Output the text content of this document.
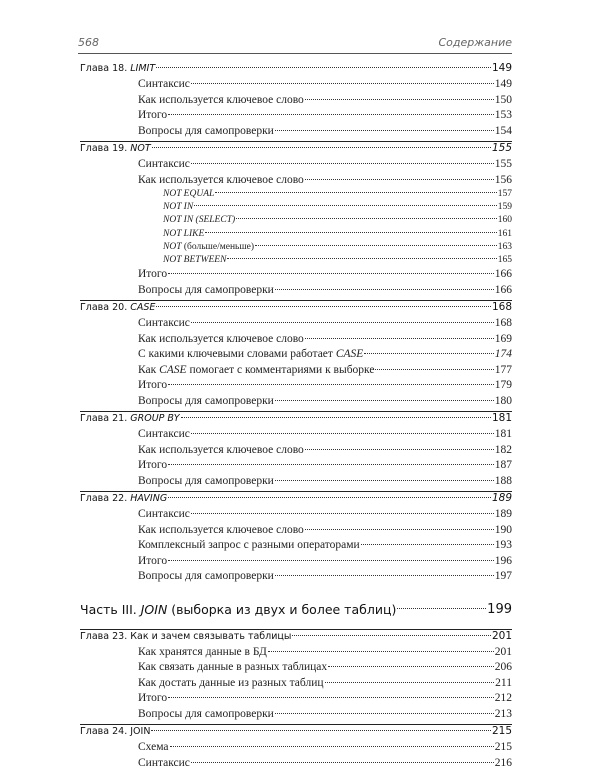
568	Содержание
Глава 18. LIMIT	149
Синтаксис	149
Как используется ключевое слово	150
Итого	153
Вопросы для самопроверки	154
Глава 19. NOT	155
Синтаксис	155
Как используется ключевое слово	156
NOT EQUAL	157
NOT IN	159
NOT IN (SELECT)	160
NOT LIKE	161
NOT (больше/меньше)	163
NOT BETWEEN	165
Итого	166
Вопросы для самопроверки	166
Глава 20. CASE	168
Синтаксис	168
Как используется ключевое слово	169
С какими ключевыми словами работает CASE	174
Как CASE помогает с комментариями к выборке	177
Итого	179
Вопросы для самопроверки	180
Глава 21. GROUP BY	181
Синтаксис	181
Как используется ключевое слово	182
Итого	187
Вопросы для самопроверки	188
Глава 22. HAVING	189
Синтаксис	189
Как используется ключевое слово	190
Комплексный запрос с разными операторами	193
Итого	196
Вопросы для самопроверки	197
Часть III. JOIN (выборка из двух и более таблиц)	199
Глава 23. Как и зачем связывать таблицы	201
Как хранятся данные в БД	201
Как связать данные в разных таблицах	206
Как достать данные из разных таблиц	211
Итого	212
Вопросы для самопроверки	213
Глава 24. JOIN	215
Схема	215
Синтаксис	216
